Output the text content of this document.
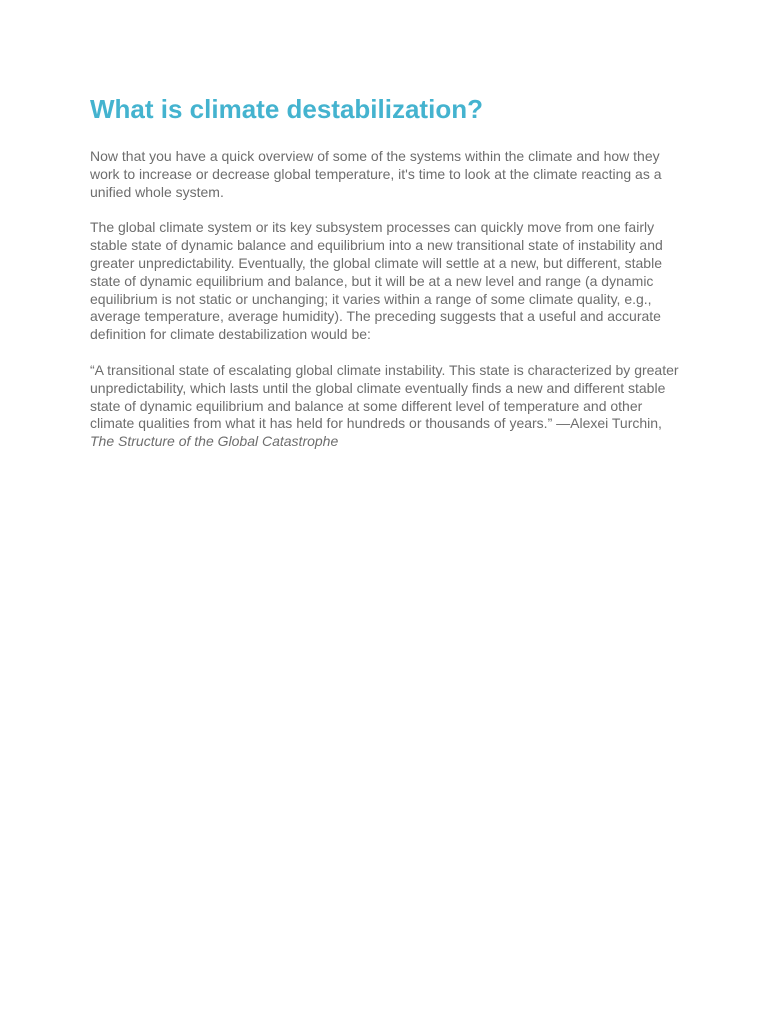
What is climate destabilization?

Now that you have a quick overview of some of the systems within the climate and how they work to increase or decrease global temperature, it's time to look at the climate reacting as a unified whole system.

The global climate system or its key subsystem processes can quickly move from one fairly stable state of dynamic balance and equilibrium into a new transitional state of instability and greater unpredictability. Eventually, the global climate will settle at a new, but different, stable state of dynamic equilibrium and balance, but it will be at a new level and range (a dynamic equilibrium is not static or unchanging; it varies within a range of some climate quality, e.g., average temperature, average humidity). The preceding suggests that a useful and accurate definition for climate destabilization would be:

“A transitional state of escalating global climate instability. This state is characterized by greater unpredictability, which lasts until the global climate eventually finds a new and different stable state of dynamic equilibrium and balance at some different level of temperature and other climate qualities from what it has held for hundreds or thousands of years.” —Alexei Turchin, The Structure of the Global Catastrophe
